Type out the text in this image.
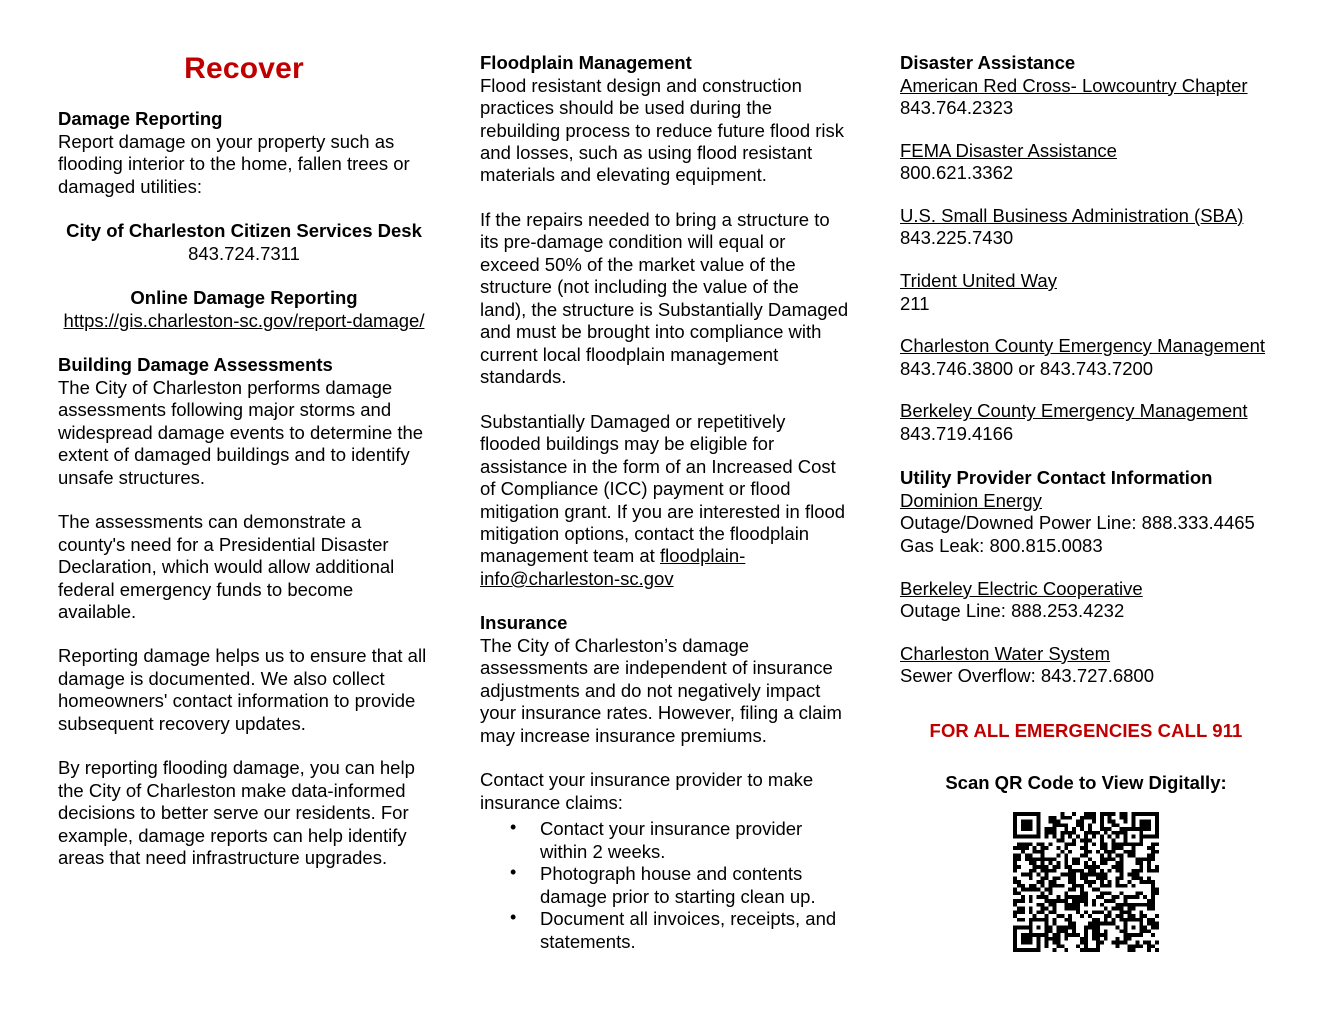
Recover
Damage Reporting

Report damage on your property such as flooding interior to the home, fallen trees or damaged utilities:

City of Charleston Citizen Services Desk
843.724.7311
Online Damage Reporting
https://gis.charleston-sc.gov/report-damage/
Building Damage Assessments

The City of Charleston performs damage assessments following major storms and widespread damage events to determine the extent of damaged buildings and to identify unsafe structures.

The assessments can demonstrate a county's need for a Presidential Disaster Declaration, which would allow additional federal emergency funds to become available.

Reporting damage helps us to ensure that all damage is documented. We also collect homeowners' contact information to provide subsequent recovery updates.

By reporting flooding damage, you can help the City of Charleston make data-informed decisions to better serve our residents. For example, damage reports can help identify areas that need infrastructure upgrades.

Floodplain Management

Flood resistant design and construction practices should be used during the rebuilding process to reduce future flood risk and losses, such as using flood resistant materials and elevating equipment.

If the repairs needed to bring a structure to its pre-damage condition will equal or exceed 50% of the market value of the structure (not including the value of the land), the structure is Substantially Damaged and must be brought into compliance with current local floodplain management standards.

Substantially Damaged or repetitively flooded buildings may be eligible for assistance in the form of an Increased Cost of Compliance (ICC) payment or flood mitigation grant. If you are interested in flood mitigation options, contact the floodplain management team at floodplain-info@charleston-sc.gov

Insurance

The City of Charleston’s damage assessments are independent of insurance adjustments and do not negatively impact your insurance rates. However, filing a claim may increase insurance premiums.

Contact your insurance provider to make insurance claims:

• Contact your insurance provider within 2 weeks.
• Photograph house and contents damage prior to starting clean up.
• Document all invoices, receipts, and statements.
Disaster Assistance
American Red Cross- Lowcountry Chapter
843.764.2323
FEMA Disaster Assistance
800.621.3362
U.S. Small Business Administration (SBA)
843.225.7430
Trident United Way
211
Charleston County Emergency Management
843.746.3800 or 843.743.7200
Berkeley County Emergency Management
843.719.4166
Utility Provider Contact Information
Dominion Energy
Outage/Downed Power Line: 888.333.4465
Gas Leak: 800.815.0083
Berkeley Electric Cooperative
Outage Line: 888.253.4232
Charleston Water System
Sewer Overflow: 843.727.6800
FOR ALL EMERGENCIES CALL 911
Scan QR Code to View Digitally:
